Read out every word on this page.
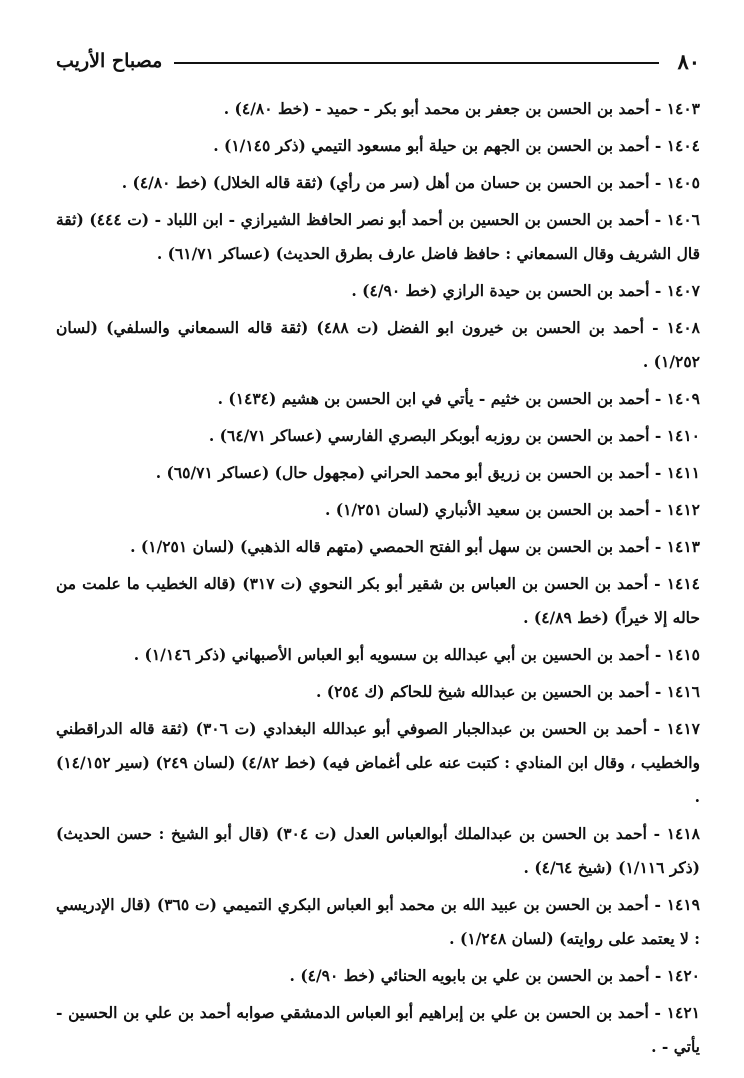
٨٠
مصباح الأريب
١٤٠٣ - أحمد بن الحسن بن جعفر بن محمد أبو بكر - حميد - (خط ٤/٨٠) .
١٤٠٤ - أحمد بن الحسن بن الجهم بن حيلة أبو مسعود التيمي (ذكر ١/١٤٥) .
١٤٠٥ - أحمد بن الحسن بن حسان من أهل (سر من رأي) (ثقة قاله الخلال) (خط ٤/٨٠) .
١٤٠٦ - أحمد بن الحسن بن الحسين بن أحمد أبو نصر الحافظ الشيرازي - ابن اللباد - (ت ٤٤٤) (ثقة قال الشريف وقال السمعاني : حافظ فاضل عارف بطرق الحديث) (عساكر ٦١/٧١) .
١٤٠٧ - أحمد بن الحسن بن حيدة الرازي (خط ٤/٩٠) .
١٤٠٨ - أحمد بن الحسن بن خيرون ابو الفضل (ت ٤٨٨) (ثقة قاله السمعاني والسلفي) (لسان ١/٢٥٢) .
١٤٠٩ - أحمد بن الحسن بن خثيم - يأتي في ابن الحسن بن هشيم (١٤٣٤) .
١٤١٠ - أحمد بن الحسن بن روزبه أبوبكر البصري الفارسي (عساكر ٦٤/٧١) .
١٤١١ - أحمد بن الحسن بن زريق أبو محمد الحراني (مجهول حال) (عساكر ٦٥/٧١) .
١٤١٢ - أحمد بن الحسن بن سعيد الأنباري (لسان ١/٢٥١) .
١٤١٣ - أحمد بن الحسن بن سهل أبو الفتح الحمصي (متهم قاله الذهبي) (لسان ١/٢٥١) .
١٤١٤ - أحمد بن الحسن بن العباس بن شقير أبو بكر النحوي (ت ٣١٧) (قاله الخطيب ما علمت من حاله إلا خيراً) (خط ٤/٨٩) .
١٤١٥ - أحمد بن الحسين بن أبي عبدالله بن سسويه أبو العباس الأصبهاني (ذكر ١/١٤٦) .
١٤١٦ - أحمد بن الحسين بن عبدالله شيخ للحاكم (ك ٢٥٤) .
١٤١٧ - أحمد بن الحسن بن عبدالجبار الصوفي أبو عبدالله البغدادي (ت ٣٠٦) (ثقة قاله الدراقطني والخطيب ، وقال ابن المنادي : كتبت عنه على أغماض فيه) (خط ٤/٨٢) (لسان ٢٤٩) (سير ١٤/١٥٢) .
١٤١٨ - أحمد بن الحسن بن عبدالملك أبوالعباس العدل (ت ٣٠٤) (قال أبو الشيخ : حسن الحديث) (ذكر ١/١١٦) (شيخ ٤/٦٤) .
١٤١٩ - أحمد بن الحسن بن عبيد الله بن محمد أبو العباس البكري التميمي (ت ٣٦٥) (قال الإدريسي : لا يعتمد على روايته) (لسان ١/٢٤٨) .
١٤٢٠ - أحمد بن الحسن بن علي بن بابويه الحنائي (خط ٤/٩٠) .
١٤٢١ - أحمد بن الحسن بن علي بن إبراهيم أبو العباس الدمشقي صوابه أحمد بن علي بن الحسين - يأتي - .
